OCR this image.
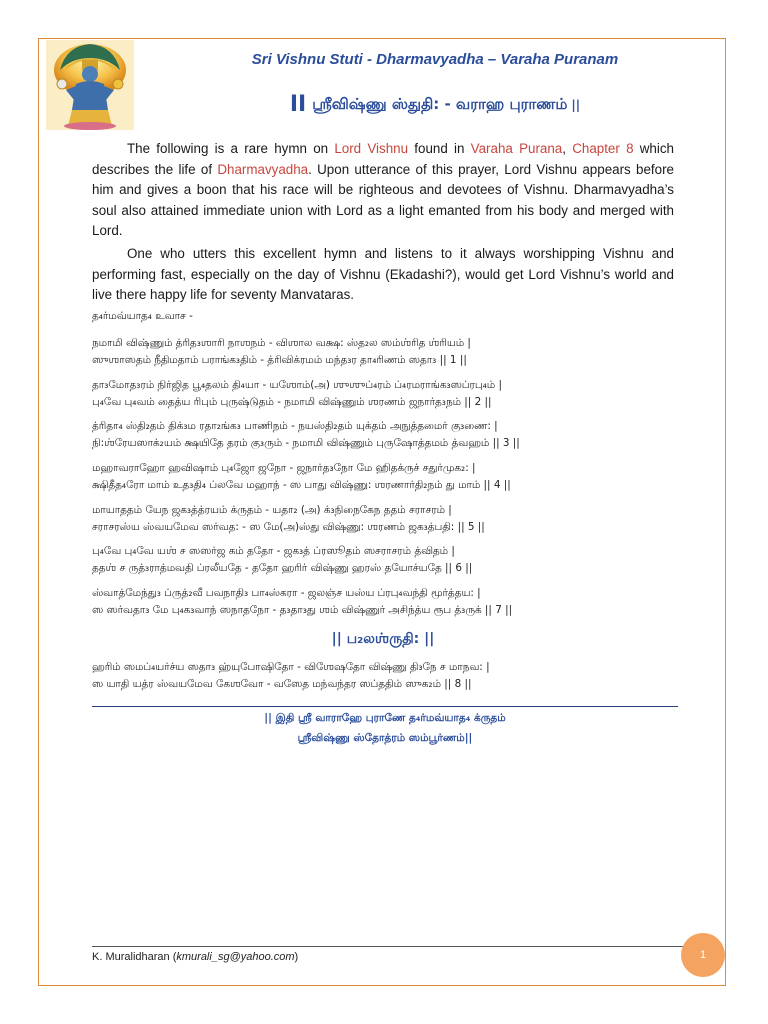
Sri Vishnu Stuti - Dharmavyadha – Varaha Puranam
II ஸ்ரீவிஷ்ணு ஸ்துதி: - வராஹ புராணம் ||

The following is a rare hymn on Lord Vishnu found in Varaha Purana, Chapter 8 which describes the life of Dharmavyadha. Upon utterance of this prayer, Lord Vishnu appears before him and gives a boon that his race will be righteous and devotees of Vishnu. Dharmavyadha’s soul also attained immediate union with Lord as a light emanted from his body and merged with Lord.

One who utters this excellent hymn and listens to it always worshipping Vishnu and performing fast, especially on the day of Vishnu (Ekadashi?), would get Lord Vishnu’s world and live there happy life for seventy Manvataras.

த₄ர்மவ்யாத₄ உவாச -
நமாமி விஷ்ணும் த்ரித₃ஶாரி நாஶநம் - விஶால வக்ஷ: ஸ்த₂ல ஸம்ஶ்ரித ஶ்ரியம் |
ஸுஶாஸதம் நீதிமதாம் பராங்க₃திம் - த்ரிவிக்ரமம் மந்த₃ர தா₄ரிணம் ஸதா₃ || 1 ||
தா₃மோத₃ரம் நிர்ஜித பூ₄தலம் தி₄யா - யஶோம்(அ) ஶுஶுப்₄ரம் ப்₄ரமராங்க₃ஸப்ரபு₄ம் |
பு₄வே பு₄வம் தைத்ய ரிபும் புருஷ்டுதம் - நமாமி விஷ்ணும் ஶரணம் ஜநார்த₃நம் || 2 ||
த்ரிதா₄ ஸ்தி₂தம் திக்₃ம ரதா₂ங்க₃ பாணிநம் - நயஸ்தி₂தம் யுக்தம் அநுத்தமைர் கு₃ணை: |
நி:ஶ்ரேயஸாக்₂யம் க்ஷயிதே தரம் கு₃ரும் - நமாமி விஷ்ணும் புருஷோத்தமம் த்வஹம் || 3 ||
மஹாவராஹோ ஹவிஷாம் பு₄ஜோ ஜநோ - ஜநார்த₃நோ மே ஹிதக்ருச் சதுர்முக₂: |
க்ஷிதீத₄ரோ மாம் உத₃தி₄ ப்லவே மஹாந் - ஸ பாது விஷ்ணு: ஶரணார்தி₂நம் து மாம் || 4 ||
மாயாததம் யேந ஜக₃த்த்ரயம் க்ருதம் - யதா₂ (அ) க்₃நிநைகேந ததம் சராசரம் |
சராசரஸ்ய ஸ்வயமேவ ஸர்வத: - ஸ மே(அ)ஸ்து விஷ்ணு: ஶரணம் ஜக₃த்பதி: || 5 ||
பு₄வே பு₄வே யஶ் ச ஸஸர்ஜ கம் ததோ - ஜக₃த் ப்ரஸூதம் ஸசராசரம் த்விதம் |
ததஶ் ச ருத்₃ராத்மவதி ப்ரலீயதே - ததோ ஹரிர் விஷ்ணு ஹரஸ் தயோச்யதே || 6 ||
ஸ்வாத்மேந்து₃ ப்ருத்₂வீ பவநாதி₃ பா₄ஸ்கரா - ஜலஞ்ச யஸ்ய ப்ரபு₄வந்தி மூர்த்தய: |
ஸ ஸர்வதா₃ மே பு₄க₃வாந் ஸநாதநோ - த₃தா₃து ஶம் விஷ்ணுர் அசிந்த்ய ரூப த்₃ருக் || 7 ||
|| ப₂லஶ்ருதி: ||
ஹரிம் ஸமப்₄யர்ச்ய ஸதா₃ ஹ்யுபோஷிதோ - விஶேஷதோ விஷ்ணு தி₃நே ச மாநவ: |
ஸ யாதி யத்ர ஸ்வயமேவ கேஶவோ - வஸேத மந்வந்தர ஸப்ததிம் ஸுக₂ம் || 8 ||
|| இதி ஶ்ரீ வாராஹே புராணே த₄ர்மவ்யாத₄ க்ருதம்
ஸ்ரீவிஷ்ணு ஸ்தோத்ரம் ஸம்பூர்ணம்||
K. Muralidharan (kmurali_sg@yahoo.com)	1
